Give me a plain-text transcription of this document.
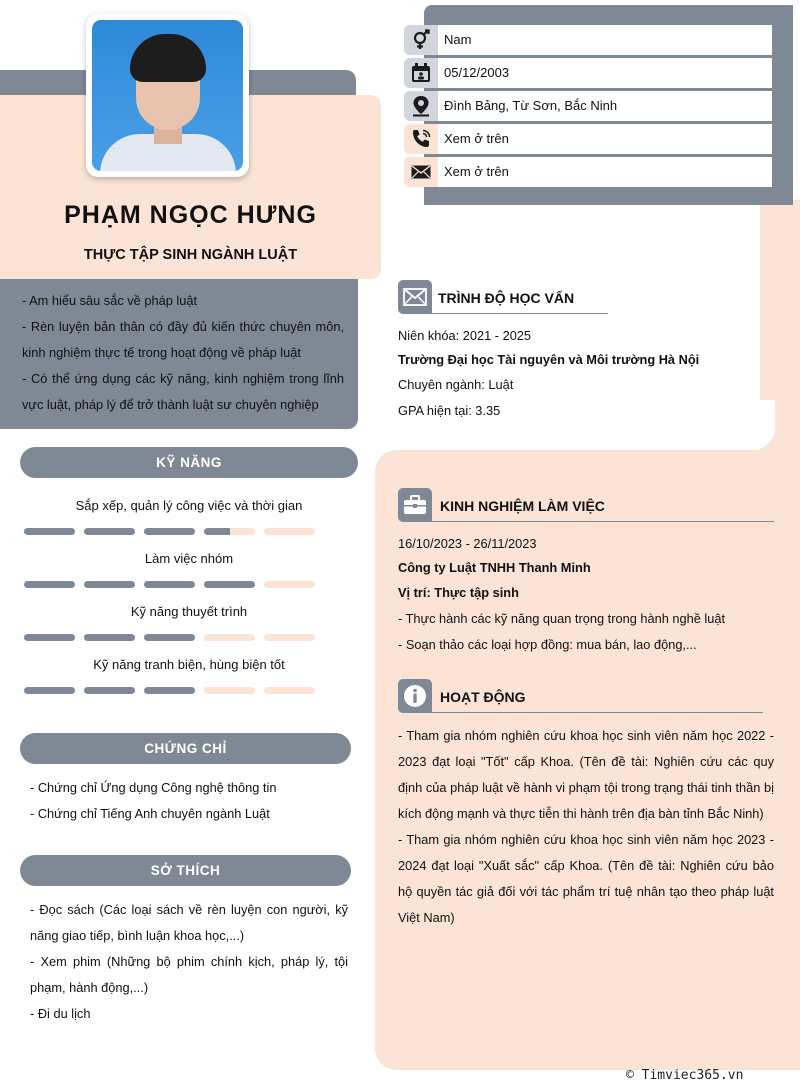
PHẠM NGỌC HƯNG
THỰC TẬP SINH NGÀNH LUẬT
- Am hiểu sâu sắc về pháp luật
- Rèn luyện bản thân có đầy đủ kiến thức chuyên môn, kinh nghiệm thực tế trong hoạt động về pháp luật
- Có thể ứng dụng các kỹ năng, kinh nghiệm trong lĩnh vực luật, pháp lý để trở thành luật sư chuyên nghiệp
Nam
05/12/2003
Đình Bảng, Từ Sơn, Bắc Ninh
Xem ở trên
Xem ở trên
TRÌNH ĐỘ HỌC VẤN
Niên khóa: 2021 - 2025
Trường Đại học Tài nguyên và Môi trường Hà Nội
Chuyên ngành: Luật
GPA hiện tại: 3.35
KINH NGHIỆM LÀM VIỆC
16/10/2023 - 26/11/2023
Công ty Luật TNHH Thanh Minh
Vị trí: Thực tập sinh
- Thực hành các kỹ năng quan trọng trong hành nghề luật
- Soạn thảo các loại hợp đồng: mua bán, lao động,...
HOẠT ĐỘNG
- Tham gia nhóm nghiên cứu khoa học sinh viên năm học 2022 - 2023 đạt loại "Tốt" cấp Khoa. (Tên đề tài: Nghiên cứu các quy định của pháp luật về hành vi phạm tội trong trạng thái tinh thần bị kích động mạnh và thực tiễn thi hành trên địa bàn tỉnh Bắc Ninh)
- Tham gia nhóm nghiên cứu khoa học sinh viên năm học 2023 - 2024 đạt loại "Xuất sắc" cấp Khoa. (Tên đề tài: Nghiên cứu bảo hộ quyền tác giả đối với tác phẩm trí tuệ nhân tạo theo pháp luật Việt Nam)
KỸ NĂNG
Sắp xếp, quản lý công việc và thời gian
Làm việc nhóm
Kỹ năng thuyết trình
Kỹ năng tranh biện, hùng biện tốt
CHỨNG CHỈ
- Chứng chỉ Ứng dụng Công nghệ thông tin
- Chứng chỉ Tiếng Anh chuyên ngành Luật
SỞ THÍCH
- Đọc sách (Các loại sách về rèn luyện con người, kỹ năng giao tiếp, bình luận khoa học,...)
- Xem phim (Những bộ phim chính kịch, pháp lý, tội phạm, hành động,...)
- Đi du lịch
© Timviec365.vn
